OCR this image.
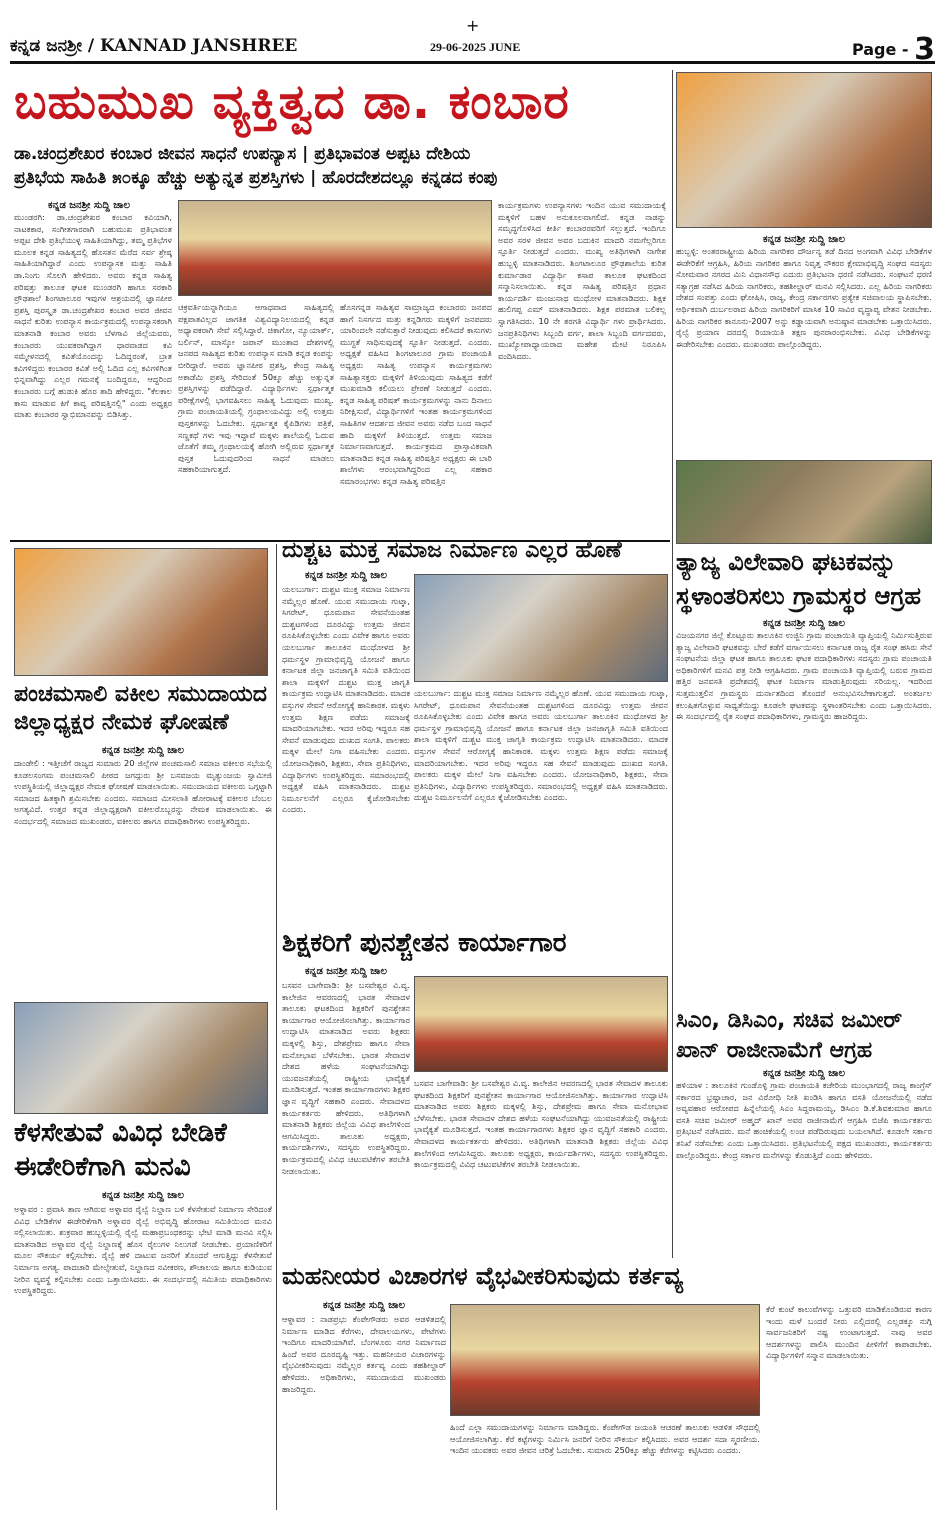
ಕನ್ನಡ ಜನಶ್ರೀ / KANNAD JANSHREE
+
29-06-2025 JUNE	Page - 3
ಬಹುಮುಖ ವ್ಯಕ್ತಿತ್ವದ ಡಾ. ಕಂಬಾರ
ಡಾ.ಚಂದ್ರಶೇಖರ ಕಂಬಾರ ಜೀವನ ಸಾಧನೆ ಉಪನ್ಯಾಸ | ಪ್ರತಿಭಾವಂತ ಅಪ್ಪಟ ದೇಶಿಯ
ಪ್ರತಿಭೆಯ ಸಾಹಿತಿ ೫೦ಕ್ಕೂ ಹೆಚ್ಚು ಅತ್ಯುನ್ನತ ಪ್ರಶಸ್ತಿಗಳು | ಹೊರದೇಶದಲ್ಲೂ ಕನ್ನಡದ ಕಂಪು
ಕನ್ನಡ ಜನಶ್ರೀ ಸುದ್ದಿ ಜಾಲ
ಮುಂಡರಗಿ: ಡಾ.ಚಂದ್ರಶೇಖರ ಕಂಬಾರ ಕವಿಯಾಗಿ, ನಾಟಕಕಾರ, ಸಂಗೀತಗಾರರಾಗಿ ಬಹುಮುಖ ಪ್ರತಿಭಾವಂತ ಅಪ್ಪಟ ದೇಶಿ ಪ್ರತಿಭೆಯುಳ್ಳ ಸಾಹಿತಿಯಾಗಿದ್ದು, ತಮ್ಮ ಪ್ರತಿಭೆಗಳ ಮೂಲಕ ಕನ್ನಡ ಸಾಹಿತ್ಯದಲ್ಲಿ ಹೊಸತನ ಮೆರೆದ ಸರ್ವ ಶ್ರೇಷ್ಠ ಸಾಹಿತಿಯಾಗಿದ್ದಾರೆ ಎಂದು ಉಪನ್ಯಾಸಕ ಮತ್ತು ಸಾಹಿತಿ ಡಾ.ನಿಂಗು ಸೊಲಗಿ ಹೇಳಿದರು. ಅವರು ಕನ್ನಡ ಸಾಹಿತ್ಯ ಪರಿಷತ್ತು ತಾಲೂಕ ಘಟಕ ಮುಂಡರಗಿ ಹಾಗೂ ಸರಕಾರಿ ಪ್ರೌಢಶಾಲೆ ಶಿಂಗಟಾಲೂರ ಇವುಗಳ ಆಶ್ರಯದಲ್ಲಿ ಜ್ಞಾನಪೀಠ ಪ್ರಶಸ್ತಿ ಪುರಸ್ಕೃತ ಡಾ.ಚಂದ್ರಶೇಖರ ಕಂಬಾರ ಅವರ ಜೀವನ ಸಾಧನೆ ಕುರಿತು ಉಪನ್ಯಾಸ ಕಾರ್ಯಕ್ರಮದಲ್ಲಿ ಉಪನ್ಯಾಸಕರಾಗಿ ಮಾತನಾಡಿ ಕಂಬಾರ ಅವರು ಬೆಳಗಾವಿ ಜಿಲ್ಲೆಯವರು, ಕಂಬಾರರು ಯುವಕರಾಗಿದ್ದಾಗ ಧಾರವಾಡದ ಕವಿ ಸಮ್ಮೇಳನದಲ್ಲಿ ಕವಿತೆಯೊಂದನ್ನು ಓದಿದ್ದರಂತೆ, ಬ್ರಾತ ಕವಿಗಳಿದ್ದರು ಕಂಬಾರರ ಕವಿತೆ ಅಲ್ಲಿ ಓದಿದ ಎಲ್ಲ ಕವಿಗಳಿಗಿಂತ ಭಿನ್ನವಾಗಿದ್ದು ಎಲ್ಲರ ಗಮನಕ್ಕೆ ಬಂದಿದ್ದರೂ, ಆದ್ದರಿಂದ ಕಂಬಾರರು ಬಗ್ಗೆ ಹುಡುಕಿ ಹೊರ ತಾದಿ ಹೇಳಿದ್ದರು. "ಕೆಲಕಾಲ ಕಾಸು ಮಾಡುವ ಕಿಗೆ ಕಾವ್ಯ ಪರಿಷತ್ತಿನಲ್ಲಿ" ಎಂದು ಅಧ್ಯಕ್ಷರ ಮಾತು ಕಂಬಾರರ ಸ್ವಾಭಿಮಾನವನ್ನು ಬಿಡಿಸಿತ್ತು.
ಚಕ್ರವರ್ತಿಯನ್ನಾಗಿಯೂ ಆಗಾಧವಾದ ಸಾಹಿತ್ಯದಲ್ಲಿ ಪಕ್ಷಪಾತವಿಲ್ಲದ ಜಾಗತಿಕ ವಿಶ್ವವಿದ್ಯಾನಿಲಯದಲ್ಲಿ ಕನ್ನಡ ಅಧ್ಯಾಪಕರಾಗಿ ಸೇವೆ ಸಲ್ಲಿಸಿದ್ದಾರೆ. ಚಿಕಾಗೋ, ನ್ಯೂಯಾರ್ಕ್, ಬರ್ಲಿನ್, ಮಾಸ್ಕೋ ಜಪಾನ್ ಮುಂತಾದ ದೇಶಗಳಲ್ಲಿ ಜನಪದ ಸಾಹಿತ್ಯದ ಕುರಿತು ಉಪನ್ಯಾಸ ಮಾಡಿ ಕನ್ನಡ ಕಂಪನ್ನು ಬೀರಿದ್ದಾರೆ. ಅವರು ಜ್ಞಾನಪೀಠ ಪ್ರಶಸ್ತಿ, ಕೇಂದ್ರ ಸಾಹಿತ್ಯ ಅಕಾಡೆಮಿ ಪ್ರಶಸ್ತಿ ಸೇರಿದಂತೆ 50ಕ್ಕೂ ಹೆಚ್ಚು ಅತ್ಯುನ್ನತ ಪ್ರಶಸ್ತಿಗಳನ್ನು ಪಡೆದಿದ್ದಾರೆ. ವಿದ್ಯಾರ್ಥಿಗಳು ಸ್ಪರ್ಧಾತ್ಮಕ ಪರೀಕ್ಷೆಗಳಲ್ಲಿ ಭಾಗವಹಿಸಲು ಸಾಹಿತ್ಯ ಓದುವುದು ಮುಖ್ಯ. ಗ್ರಾಮ ಪಂಚಾಯತಿಯಲ್ಲಿ ಗ್ರಂಥಾಲಯವಿದ್ದು ಅಲ್ಲಿ ಉತ್ತಮ ಪುಸ್ತಕಗಳನ್ನು ಓದಬೇಕು. ಸ್ಪರ್ಧಾತ್ಮಕ ಕೈಪಿಡಿಗಳು ಪತ್ರಿಕೆ, ಸಣ್ಣಕಥೆ ಗಳು ಇವು ಇದ್ದಾವೆ ಮಕ್ಕಳು ಶಾಲೆಯಲ್ಲಿ ಓದುವ ಜೊತೆಗೆ ತಮ್ಮ ಗ್ರಂಥಾಲಯಕ್ಕೆ ಹೋಗಿ ಅಲ್ಲಿರುವ ಸ್ಪರ್ಧಾತ್ಮಕ ಪುಸ್ತಕ ಓದುವುದರಿಂದ ಸಾಧನೆ ಮಾಡಲು ಸಹಕಾರಿಯಾಗುತ್ತದೆ.
ಹೊಸಗನ್ನಡ ಸಾಹಿತ್ಯವ ಸಾಮ್ರಾಜ್ಯದ ಕಂಬಾರರು ಜನಪದ ಹಾಗೆ ನಿಸರ್ಗದ ಮತ್ತು ಕನ್ನಡಿಗರು ಮಕ್ಕಳಿಗೆ ಜನಪದರು ಯಾರಿಂದಲೇ ನಡೆಸುತ್ತಾರೆ ನೀಡುವುದು ಕಲಿಸಿದರೆ ಕಾಸುಗಳು ಮುಗ್ಧತೆ ಸಾಧಿಸುವುದಕ್ಕೆ ಸ್ಫೂರ್ತಿ ನೀಡುತ್ತದೆ. ಎಂದರು. ಅಧ್ಯಕ್ಷತೆ ವಹಿಸಿದ ಶಿಂಗಟಾಲೂರ ಗ್ರಾಮ ಪಂಚಾಯತಿ ಅಧ್ಯಕ್ಷರು ಸಾಹಿತ್ಯ ಉಪನ್ಯಾಸ ಕಾರ್ಯಕ್ರಮಗಳು ಸಾಹಿತ್ಯಾಸಕ್ತರು ಮಕ್ಕಳಿಗೆ ತಿಳಿಯುವುದು ಸಾಹಿತ್ಯದ ಕಡೆಗೆ ಮುಖಮಾಡಿ ಕಲಿಯಲು ಪ್ರೇರಣೆ ನೀಡುತ್ತದೆ ಎಂದರು. ಕನ್ನಡ ಸಾಹಿತ್ಯ ಪರಿಷತ್ ಕಾರ್ಯಕ್ರಮಗಳನ್ನು ನಾನು ದಿನಾಲು ನಿರೀಕ್ಷಿಸುವೆ, ವಿದ್ಯಾರ್ಥಿಗಳಿಗೆ ಇಂತಹ ಕಾರ್ಯಕ್ರಮಗಳಿಂದ ಸಾಹಿತಿಗಳ ಆದರ್ಶದ ಜೀವನ ಅವರು ನಡೆದ ಬಂದ ಸಾಧನೆ ಹಾದಿ ಮಕ್ಕಳಿಗೆ ತಿಳಿಯುತ್ತದೆ. ಉತ್ತಮ ಸಮಾಜ ನಿರ್ಮಾಣವಾಗುತ್ತದೆ. ಕಾರ್ಯಕ್ರಮದ ಪ್ರಾಸ್ತಾವಿಕವಾಗಿ ಮಾತನಾಡಿದ ಕನ್ನಡ ಸಾಹಿತ್ಯ ಪರಿಷತ್ತಿನ ಅಧ್ಯಕ್ಷರು ಈ ಬಾರಿ ಶಾಲೆಗಳು ಆರಂಭವಾಗಿದ್ದರಿಂದ ಎಲ್ಲ ಸಹಕಾರ ಸಮಾರಂಭಗಳು ಕನ್ನಡ ಸಾಹಿತ್ಯ ಪರಿಷತ್ತಿನ
ಕಾರ್ಯಕ್ರಮಗಳು ಉಪನ್ಯಾಸಗಳು ಇಂದಿನ ಯುವ ಸಮುದಾಯಕ್ಕೆ ಮಕ್ಕಳಿಗೆ ಬಹಳ ಅನುಕೂಲವಾಗಲಿದೆ. ಕನ್ನಡ ನಾಡನ್ನು ಸಮೃದ್ಧಗೊಳಿಸಿದ ಕೀರ್ತಿ ಕಂಬಾರರವರಿಗೆ ಸಲ್ಲುತ್ತದೆ. ಇಂದಿಗೂ ಅವರ ಸರಳ ಜೀವನ ಅವರ ಬದುಕಿನ ಮಾದರಿ ನಮಗೆಲ್ಲರಿಗೂ ಸ್ಫೂರ್ತಿ ನೀಡುತ್ತದೆ ಎಂದರು. ಮುಖ್ಯ ಅತಿಥಿಗಳಾಗಿ ನಾಗೇಶ ಹುಬ್ಬಳ್ಳಿ ಮಾತನಾಡಿದರು. ಶಿಂಗಟಾಲೂರ ಪ್ರೌಢಶಾಲೆಯ ಕುರಿತ ಕುರ್ಮಾಡಾರ ವಿದ್ಯಾರ್ಥಿ ಕಸಾಪ ತಾಲೂಕ ಘಟಕದಿಂದ ಸನ್ಮಾನಿಸಲಾಯಿತು. ಕನ್ನಡ ಸಾಹಿತ್ಯ ಪರಿಷತ್ತಿನ ಪ್ರಧಾನ ಕಾರ್ಯದರ್ಶಿ ಮಂಜುನಾಥ ಮುಧೋಳ ಮಾತನಾಡಿದರು. ಶಿಕ್ಷಕ ಹುಲಿಗಪ್ಪ ಎಮ್ ಮಾತನಾಡಿದರು. ಶಿಕ್ಷಕ ಪರಮಾತ ಬಲಿಕಲ್ಲ ಸ್ವಾಗತಿಸಿದರು. 10 ನೇ ತರಗತಿ ವಿದ್ಯಾರ್ಥಿ ಗಳು ಪ್ರಾರ್ಥಿಸಿದರು. ಜನಪ್ರತಿನಿಧಿಗಳು ಸಿಬ್ಬಂದಿ ವರ್ಗ, ಶಾಲಾ ಸಿಬ್ಬಂದಿ ವರ್ಗದವರು, ಮುಖ್ಯೋಪಾಧ್ಯಾಯರಾದ ಮಹೇಶ ಮೇಟಿ ನಿರೂಪಿಸಿ ವಂದಿಸಿದರು.
ಕನ್ನಡ ಜನಶ್ರೀ ಸುದ್ದಿ ಜಾಲ
ಹುಬ್ಬಳ್ಳಿ: ಅಂತರರಾಷ್ಟ್ರೀಯ ಹಿರಿಯ ನಾಗರಿಕರ ದೌರ್ಜನ್ಯ ತಡೆ ದಿನದ ಅಂಗವಾಗಿ ವಿವಿಧ ಬೇಡಿಕೆಗಳ ಈಡೇರಿಕೆಗೆ ಆಗ್ರಹಿಸಿ, ಹಿರಿಯ ನಾಗರಿಕರ ಹಾಗೂ ನಿವೃತ್ತ ನೌಕರರ ಕ್ಷೇಮಾಭಿವೃದ್ಧಿ ಸಂಘದ ಸದಸ್ಯರು ಸೋಮವಾರ ನಗರದ ಮಿನಿ ವಿಧಾನಸೌಧ ಎದುರು ಪ್ರತಿಭಟನಾ ಧರಣಿ ನಡೆಸಿದರು. ಸಂಘಟನೆ ಧರಣಿ ಸತ್ಯಾಗ್ರಹ ನಡೆಸಿದ ಹಿರಿಯ ನಾಗರಿಕರು, ತಹಶೀಲ್ದಾರ್ ಮನವಿ ಸಲ್ಲಿಸಿದರು. ಎಲ್ಲ ಹಿರಿಯ ನಾಗರಿಕರು ದೇಶದ ಸಂಪತ್ತು ಎಂದು ಘೋಷಿಸಿ, ರಾಜ್ಯ, ಕೇಂದ್ರ ಸರ್ಕಾರಗಳು ಪ್ರತ್ಯೇಕ ಸಚಿವಾಲಯ ಸ್ಥಾಪಿಸಬೇಕು. ಆರ್ಥಿಕವಾಗಿ ದುರ್ಬಲರಾದ ಹಿರಿಯ ನಾಗರಿಕರಿಗೆ ಮಾಸಿಕ 10 ಸಾವಿರ ವೃದ್ಧಾಪ್ಯ ವೇತನ ನೀಡಬೇಕು. ಹಿರಿಯ ನಾಗರಿಕರ ಕಾನೂನು-2007 ಅನ್ನು ಕಡ್ಡಾಯವಾಗಿ ಅನುಷ್ಠಾನ ಮಾಡಬೇಕು ಒತ್ತಾಯಿಸಿದರು. ರೈಲ್ವೆ ಪ್ರಯಾಣ ದರದಲ್ಲಿ ರಿಯಾಯಿತಿ ತಕ್ಷಣ ಪುನರಾರಂಭಿಸಬೇಕು. ವಿವಿಧ ಬೇಡಿಕೆಗಳನ್ನು ಈಡೇರಿಸಬೇಕು ಎಂದರು. ಮುಖಂಡರು ಪಾಲ್ಗೊಂಡಿದ್ದರು.
ತ್ಯಾಜ್ಯ ವಿಲೇವಾರಿ ಘಟಕವನ್ನು
ಸ್ಥಳಾಂತರಿಸಲು ಗ್ರಾಮಸ್ಥರ ಆಗ್ರಹ
ಕನ್ನಡ ಜನಶ್ರೀ ಸುದ್ದಿ ಜಾಲ
ವಿಜಯನಗರ ಜಿಲ್ಲೆ ಕೊಟ್ಟೂರು ತಾಲೂಕಿನ ಉಜ್ಜಿನಿ ಗ್ರಾಮ ಪಂಚಾಯಿತಿ ವ್ಯಾಪ್ತಿಯಲ್ಲಿ ನಿರ್ಮಿಸುತ್ತಿರುವ ತ್ಯಾಜ್ಯ ವಿಲೇವಾರಿ ಘಟಕವನ್ನು ಬೇರೆ ಕಡೆಗೆ ವರ್ಗಾಯಿಸಲು ಕರ್ನಾಟಕ ರಾಜ್ಯ ರೈತ ಸಂಘ ಹಸಿರು ಸೇನೆ ಸಂಘಟನೆಯ ಜಿಲ್ಲಾ ಘಟಕ ಹಾಗೂ ತಾಲೂಕು ಘಟಕ ಪದಾಧಿಕಾರಿಗಳು ಸದಸ್ಯರು ಗ್ರಾಮ ಪಂಚಾಯತಿ ಅಧಿಕಾರಿಗಳಿಗೆ ಮನವಿ ಪತ್ರ ನೀಡಿ ಆಗ್ರಹಿಸಿದರು. ಗ್ರಾಮ ಪಂಚಾಯತಿ ವ್ಯಾಪ್ತಿಯಲ್ಲಿ ಬರುವ ಗ್ರಾಮದ ಹತ್ತಿರ ಜನವಸತಿ ಪ್ರದೇಶದಲ್ಲಿ ಘಟಕ ನಿರ್ಮಾಣ ಮಾಡುತ್ತಿರುವುದು ಸರಿಯಲ್ಲ. ಇದರಿಂದ ಸುತ್ತಮುತ್ತಲಿನ ಗ್ರಾಮಸ್ಥರು ದುರ್ನಾತದಿಂದ ತೊಂದರೆ ಅನುಭವಿಸಬೇಕಾಗುತ್ತದೆ. ಅಂತರ್ಜಲ ಕಲುಷಿತಗೊಳ್ಳುವ ಸಾಧ್ಯತೆಯಿದ್ದು ಕೂಡಲೇ ಘಟಕವನ್ನು ಸ್ಥಳಾಂತರಿಸಬೇಕು ಎಂದು ಒತ್ತಾಯಿಸಿದರು. ಈ ಸಂದರ್ಭದಲ್ಲಿ ರೈತ ಸಂಘದ ಪದಾಧಿಕಾರಿಗಳು, ಗ್ರಾಮಸ್ಥರು ಹಾಜರಿದ್ದರು.
ಪಂಚಮಸಾಲಿ ವಕೀಲ ಸಮುದಾಯದ
ಜಿಲ್ಲಾಧ್ಯಕ್ಷರ ನೇಮಕ ಘೋಷಣೆ
ಕನ್ನಡ ಜನಶ್ರೀ ಸುದ್ದಿ ಜಾಲ
ದಾಂಡೇಲಿ : ಇತ್ತೀಚೆಗೆ ರಾಜ್ಯದ ಸುಮಾರು 20 ಜಿಲ್ಲೆಗಳ ಪಂಚಮಸಾಲಿ ಸಮಾಜ ವಕೀಲರ ಸಭೆಯಲ್ಲಿ ಕೂಡಲಸಂಗಮ ಪಂಚಮಸಾಲಿ ಪೀಠದ ಜಗದ್ಗುರು ಶ್ರೀ ಬಸವಜಯ ಮೃತ್ಯುಂಜಯ ಸ್ವಾಮೀಜಿ ಉಪಸ್ಥಿತಿಯಲ್ಲಿ ಜಿಲ್ಲಾಧ್ಯಕ್ಷರ ನೇಮಕ ಘೋಷಣೆ ಮಾಡಲಾಯಿತು. ಸಮುದಾಯದ ವಕೀಲರು ಒಗ್ಗಟ್ಟಾಗಿ ಸಮಾಜದ ಹಿತಕ್ಕಾಗಿ ಶ್ರಮಿಸಬೇಕು ಎಂದರು. ಸಮಾಜದ ಮೀಸಲಾತಿ ಹೋರಾಟಕ್ಕೆ ವಕೀಲರ ಬೆಂಬಲ ಅಗತ್ಯವಿದೆ. ಉತ್ತರ ಕನ್ನಡ ಜಿಲ್ಲಾಧ್ಯಕ್ಷರಾಗಿ ವಕೀಲರೊಬ್ಬರನ್ನು ನೇಮಕ ಮಾಡಲಾಯಿತು. ಈ ಸಂದರ್ಭದಲ್ಲಿ ಸಮಾಜದ ಮುಖಂಡರು, ವಕೀಲರು ಹಾಗೂ ಪದಾಧಿಕಾರಿಗಳು ಉಪಸ್ಥಿತರಿದ್ದರು.
ದುಶ್ಚಟ ಮುಕ್ತ ಸಮಾಜ ನಿರ್ಮಾಣ ಎಲ್ಲರ ಹೊಣೆ
ಕನ್ನಡ ಜನಶ್ರೀ ಸುದ್ದಿ ಜಾಲ
ಯಲಬುರ್ಗಾ: ದುಶ್ಚಟ ಮುಕ್ತ ಸಮಾಜ ನಿರ್ಮಾಣ ನಮ್ಮೆಲ್ಲರ ಹೊಣೆ. ಯುವ ಸಮುದಾಯ ಗುಟ್ಕಾ, ಸಿಗರೇಟ್, ಧೂಮಪಾನ ಸೇವನೆಯಂತಹ ದುಶ್ಚಟಗಳಿಂದ ದೂರವಿದ್ದು ಉತ್ತಮ ಜೀವನ ರೂಪಿಸಿಕೊಳ್ಳಬೇಕು ಎಂದು ವಿವೇಕ ಹಾಗೂ ಅವರು ಯಲಬುರ್ಗಾ ತಾಲೂಕಿನ ಮುಧೋಳದ ಶ್ರೀ ಧರ್ಮಸ್ಥಳ ಗ್ರಾಮಾಭಿವೃದ್ಧಿ ಯೋಜನೆ ಹಾಗೂ ಕರ್ನಾಟಕ ಜಿಲ್ಲಾ ಜನಜಾಗೃತಿ ಸಮಿತಿ ವತಿಯಿಂದ ಶಾಲಾ ಮಕ್ಕಳಿಗೆ ದುಶ್ಚಟ ಮುಕ್ತ ಜಾಗೃತಿ ಕಾರ್ಯಕ್ರಮ ಉದ್ಘಾಟಿಸಿ ಮಾತನಾಡಿದರು. ಮಾದಕ ವಸ್ತುಗಳ ಸೇವನೆ ಆರೋಗ್ಯಕ್ಕೆ ಹಾನಿಕಾರಕ. ಮಕ್ಕಳು ಉತ್ತಮ ಶಿಕ್ಷಣ ಪಡೆದು ಸಮಾಜಕ್ಕೆ ಮಾದರಿಯಾಗಬೇಕು. ಇದರ ಅರಿವು ಇದ್ದರೂ ಸಹ ಸೇವನೆ ಮಾಡುವುದು ದುಃಖದ ಸಂಗತಿ. ಪಾಲಕರು ಮಕ್ಕಳ ಮೇಲೆ ನಿಗಾ ವಹಿಸಬೇಕು ಎಂದರು. ಯೋಜನಾಧಿಕಾರಿ, ಶಿಕ್ಷಕರು, ಸೇವಾ ಪ್ರತಿನಿಧಿಗಳು, ವಿದ್ಯಾರ್ಥಿಗಳು ಉಪಸ್ಥಿತರಿದ್ದರು. ಸಮಾರಂಭದಲ್ಲಿ ಅಧ್ಯಕ್ಷತೆ ವಹಿಸಿ ಮಾತನಾಡಿದರು. ದುಶ್ಚಟ ನಿರ್ಮೂಲನೆಗೆ ಎಲ್ಲರೂ ಕೈಜೋಡಿಸಬೇಕು ಎಂದರು.
ಯಲಬುರ್ಗಾ: ದುಶ್ಚಟ ಮುಕ್ತ ಸಮಾಜ ನಿರ್ಮಾಣ ನಮ್ಮೆಲ್ಲರ ಹೊಣೆ. ಯುವ ಸಮುದಾಯ ಗುಟ್ಕಾ, ಸಿಗರೇಟ್, ಧೂಮಪಾನ ಸೇವನೆಯಂತಹ ದುಶ್ಚಟಗಳಿಂದ ದೂರವಿದ್ದು ಉತ್ತಮ ಜೀವನ ರೂಪಿಸಿಕೊಳ್ಳಬೇಕು ಎಂದು ವಿವೇಕ ಹಾಗೂ ಅವರು ಯಲಬುರ್ಗಾ ತಾಲೂಕಿನ ಮುಧೋಳದ ಶ್ರೀ ಧರ್ಮಸ್ಥಳ ಗ್ರಾಮಾಭಿವೃದ್ಧಿ ಯೋಜನೆ ಹಾಗೂ ಕರ್ನಾಟಕ ಜಿಲ್ಲಾ ಜನಜಾಗೃತಿ ಸಮಿತಿ ವತಿಯಿಂದ ಶಾಲಾ ಮಕ್ಕಳಿಗೆ ದುಶ್ಚಟ ಮುಕ್ತ ಜಾಗೃತಿ ಕಾರ್ಯಕ್ರಮ ಉದ್ಘಾಟಿಸಿ ಮಾತನಾಡಿದರು. ಮಾದಕ ವಸ್ತುಗಳ ಸೇವನೆ ಆರೋಗ್ಯಕ್ಕೆ ಹಾನಿಕಾರಕ. ಮಕ್ಕಳು ಉತ್ತಮ ಶಿಕ್ಷಣ ಪಡೆದು ಸಮಾಜಕ್ಕೆ ಮಾದರಿಯಾಗಬೇಕು. ಇದರ ಅರಿವು ಇದ್ದರೂ ಸಹ ಸೇವನೆ ಮಾಡುವುದು ದುಃಖದ ಸಂಗತಿ. ಪಾಲಕರು ಮಕ್ಕಳ ಮೇಲೆ ನಿಗಾ ವಹಿಸಬೇಕು ಎಂದರು. ಯೋಜನಾಧಿಕಾರಿ, ಶಿಕ್ಷಕರು, ಸೇವಾ ಪ್ರತಿನಿಧಿಗಳು, ವಿದ್ಯಾರ್ಥಿಗಳು ಉಪಸ್ಥಿತರಿದ್ದರು. ಸಮಾರಂಭದಲ್ಲಿ ಅಧ್ಯಕ್ಷತೆ ವಹಿಸಿ ಮಾತನಾಡಿದರು. ದುಶ್ಚಟ ನಿರ್ಮೂಲನೆಗೆ ಎಲ್ಲರೂ ಕೈಜೋಡಿಸಬೇಕು ಎಂದರು.
ಶಿಕ್ಷಕರಿಗೆ ಪುನಶ್ಚೇತನ ಕಾರ್ಯಾಗಾರ
ಕನ್ನಡ ಜನಶ್ರೀ ಸುದ್ದಿ ಜಾಲ
ಬಸವನ ಬಾಗೇವಾಡಿ: ಶ್ರೀ ಬಸವೇಶ್ವರ ವಿ.ವ್ಯ. ಕಾಲೇಜಿನ ಆವರಣದಲ್ಲಿ ಭಾರತ ಸೇವಾದಳ ತಾಲೂಕು ಘಟಕದಿಂದ ಶಿಕ್ಷಕರಿಗೆ ಪುನಶ್ಚೇತನ ಕಾರ್ಯಾಗಾರ ಆಯೋಜಿಸಲಾಗಿತ್ತು. ಕಾರ್ಯಾಗಾರ ಉದ್ಘಾಟಿಸಿ ಮಾತನಾಡಿದ ಅವರು ಶಿಕ್ಷಕರು ಮಕ್ಕಳಲ್ಲಿ ಶಿಸ್ತು, ದೇಶಪ್ರೇಮ ಹಾಗೂ ಸೇವಾ ಮನೋಭಾವ ಬೆಳೆಸಬೇಕು. ಭಾರತ ಸೇವಾದಳ ದೇಶದ ಹಳೆಯ ಸಂಘಟನೆಯಾಗಿದ್ದು ಯುವಜನತೆಯಲ್ಲಿ ರಾಷ್ಟ್ರೀಯ ಭಾವೈಕ್ಯತೆ ಮೂಡಿಸುತ್ತದೆ. ಇಂತಹ ಕಾರ್ಯಾಗಾರಗಳು ಶಿಕ್ಷಕರ ಜ್ಞಾನ ವೃದ್ಧಿಗೆ ಸಹಕಾರಿ ಎಂದರು. ಸೇವಾದಳದ ಕಾರ್ಯಕರ್ತರು ಹೇಳಿದರು. ಅತಿಥಿಗಳಾಗಿ ಮಾತನಾಡಿ ಶಿಕ್ಷಕರು ಜಿಲ್ಲೆಯ ವಿವಿಧ ಶಾಲೆಗಳಿಂದ ಆಗಮಿಸಿದ್ದರು. ತಾಲೂಕು ಅಧ್ಯಕ್ಷರು, ಕಾರ್ಯದರ್ಶಿಗಳು, ಸದಸ್ಯರು ಉಪಸ್ಥಿತರಿದ್ದರು. ಕಾರ್ಯಕ್ರಮದಲ್ಲಿ ವಿವಿಧ ಚಟುವಟಿಕೆಗಳ ತರಬೇತಿ ನೀಡಲಾಯಿತು.
ಬಸವನ ಬಾಗೇವಾಡಿ: ಶ್ರೀ ಬಸವೇಶ್ವರ ವಿ.ವ್ಯ. ಕಾಲೇಜಿನ ಆವರಣದಲ್ಲಿ ಭಾರತ ಸೇವಾದಳ ತಾಲೂಕು ಘಟಕದಿಂದ ಶಿಕ್ಷಕರಿಗೆ ಪುನಶ್ಚೇತನ ಕಾರ್ಯಾಗಾರ ಆಯೋಜಿಸಲಾಗಿತ್ತು. ಕಾರ್ಯಾಗಾರ ಉದ್ಘಾಟಿಸಿ ಮಾತನಾಡಿದ ಅವರು ಶಿಕ್ಷಕರು ಮಕ್ಕಳಲ್ಲಿ ಶಿಸ್ತು, ದೇಶಪ್ರೇಮ ಹಾಗೂ ಸೇವಾ ಮನೋಭಾವ ಬೆಳೆಸಬೇಕು. ಭಾರತ ಸೇವಾದಳ ದೇಶದ ಹಳೆಯ ಸಂಘಟನೆಯಾಗಿದ್ದು ಯುವಜನತೆಯಲ್ಲಿ ರಾಷ್ಟ್ರೀಯ ಭಾವೈಕ್ಯತೆ ಮೂಡಿಸುತ್ತದೆ. ಇಂತಹ ಕಾರ್ಯಾಗಾರಗಳು ಶಿಕ್ಷಕರ ಜ್ಞಾನ ವೃದ್ಧಿಗೆ ಸಹಕಾರಿ ಎಂದರು. ಸೇವಾದಳದ ಕಾರ್ಯಕರ್ತರು ಹೇಳಿದರು. ಅತಿಥಿಗಳಾಗಿ ಮಾತನಾಡಿ ಶಿಕ್ಷಕರು ಜಿಲ್ಲೆಯ ವಿವಿಧ ಶಾಲೆಗಳಿಂದ ಆಗಮಿಸಿದ್ದರು. ತಾಲೂಕು ಅಧ್ಯಕ್ಷರು, ಕಾರ್ಯದರ್ಶಿಗಳು, ಸದಸ್ಯರು ಉಪಸ್ಥಿತರಿದ್ದರು. ಕಾರ್ಯಕ್ರಮದಲ್ಲಿ ವಿವಿಧ ಚಟುವಟಿಕೆಗಳ ತರಬೇತಿ ನೀಡಲಾಯಿತು.
ಕೆಳಸೇತುವೆ ವಿವಿಧ ಬೇಡಿಕೆ
ಈಡೇರಿಕೆಗಾಗಿ ಮನವಿ
ಕನ್ನಡ ಜನಶ್ರೀ ಸುದ್ದಿ ಜಾಲ
ಅಳ್ನಾವರ : ಪ್ರವಾಸಿ ತಾಣ ಆಗಿರುವ ಅಳ್ನಾವರ ರೈಲ್ವೆ ನಿಲ್ದಾಣ ಬಳಿ ಕೆಳಸೇತುವೆ ನಿರ್ಮಾಣ ಸೇರಿದಂತೆ ವಿವಿಧ ಬೇಡಿಕೆಗಳ ಈಡೇರಿಕೆಗಾಗಿ ಅಳ್ನಾವರ ರೈಲ್ವೆ ಅಭಿವೃದ್ಧಿ ಹೋರಾಟ ಸಮಿತಿಯಿಂದ ಮನವಿ ಸಲ್ಲಿಸಲಾಯಿತು. ಶುಕ್ರವಾರ ಹುಬ್ಬಳ್ಳಿಯಲ್ಲಿ ರೈಲ್ವೆ ಮಹಾಪ್ರಬಂಧಕರನ್ನು ಭೇಟಿ ಮಾಡಿ ಮನವಿ ಸಲ್ಲಿಸಿ ಮಾತನಾಡಿದ ಅಳ್ನಾವರ ರೈಲ್ವೆ ನಿಲ್ದಾಣಕ್ಕೆ ಹೊಸ ರೈಲುಗಳ ನಿಲುಗಡೆ ನೀಡಬೇಕು. ಪ್ರಯಾಣಿಕರಿಗೆ ಮೂಲ ಸೌಕರ್ಯ ಕಲ್ಪಿಸಬೇಕು. ರೈಲ್ವೆ ಹಳಿ ದಾಟುವ ಜನರಿಗೆ ತೊಂದರೆ ಆಗುತ್ತಿದ್ದು ಕೆಳಸೇತುವೆ ನಿರ್ಮಾಣ ಅಗತ್ಯ. ಪಾದಚಾರಿ ಮೇಲ್ಸೇತುವೆ, ನಿಲ್ದಾಣದ ನವೀಕರಣ, ಶೌಚಾಲಯ ಹಾಗೂ ಕುಡಿಯುವ ನೀರಿನ ವ್ಯವಸ್ಥೆ ಕಲ್ಪಿಸಬೇಕು ಎಂದು ಒತ್ತಾಯಿಸಿದರು. ಈ ಸಂದರ್ಭದಲ್ಲಿ ಸಮಿತಿಯ ಪದಾಧಿಕಾರಿಗಳು ಉಪಸ್ಥಿತರಿದ್ದರು.
ಸಿಎಂ, ಡಿಸಿಎಂ, ಸಚಿವ ಜಮೀರ್
ಖಾನ್ ರಾಜೀನಾಮೆಗೆ ಆಗ್ರಹ
ಕನ್ನಡ ಜನಶ್ರೀ ಸುದ್ದಿ ಜಾಲ
ಹಳಿಯಾಳ : ತಾಲೂಕಿನ ಗುಂಡೊಳ್ಳಿ ಗ್ರಾಮ ಪಂಚಾಯತಿ ಕಚೇರಿಯ ಮುಂಭಾಗದಲ್ಲಿ ರಾಜ್ಯ ಕಾಂಗ್ರೆಸ್ ಸರ್ಕಾರದ ಭ್ರಷ್ಟಾಚಾರ, ಜನ ವಿರೋಧಿ ನೀತಿ ಖಂಡಿಸಿ ಹಾಗೂ ವಸತಿ ಯೋಜನೆಯಲ್ಲಿ ನಡೆದ ಅವ್ಯವಹಾರ ಆರೋಪದ ಹಿನ್ನೆಲೆಯಲ್ಲಿ ಸಿಎಂ ಸಿದ್ದರಾಮಯ್ಯ, ಡಿಸಿಎಂ ಡಿ.ಕೆ.ಶಿವಕುಮಾರ ಹಾಗೂ ವಸತಿ ಸಚಿವ ಜಮೀರ್ ಅಹ್ಮದ್ ಖಾನ್ ಅವರ ರಾಜೀನಾಮೆಗೆ ಆಗ್ರಹಿಸಿ ಬಿಜೆಪಿ ಕಾರ್ಯಕರ್ತರು ಪ್ರತಿಭಟನೆ ನಡೆಸಿದರು. ಮನೆ ಹಂಚಿಕೆಯಲ್ಲಿ ಲಂಚ ಪಡೆದಿರುವುದು ಬಯಲಾಗಿದೆ. ಕೂಡಲೇ ಸರ್ಕಾರ ತನಿಖೆ ನಡೆಸಬೇಕು ಎಂದು ಒತ್ತಾಯಿಸಿದರು. ಪ್ರತಿಭಟನೆಯಲ್ಲಿ ಪಕ್ಷದ ಮುಖಂಡರು, ಕಾರ್ಯಕರ್ತರು ಪಾಲ್ಗೊಂಡಿದ್ದರು. ಕೇಂದ್ರ ಸರ್ಕಾರ ಮನೆಗಳನ್ನು ಕೊಡುತ್ತಿದೆ ಎಂದು ಹೇಳಿದರು.
ಮಹನೀಯರ ವಿಚಾರಗಳ ವೈಭವೀಕರಿಸುವುದು ಕರ್ತವ್ಯ
ಕನ್ನಡ ಜನಶ್ರೀ ಸುದ್ದಿ ಜಾಲ
ಆಳ್ನಾವರ : ನಾಡಪ್ರಭು ಕೆಂಪೇಗೌಡರು ಅವರ ಆಡಳಿತದಲ್ಲಿ ನಿರ್ಮಾಣ ಮಾಡಿದ ಕೆರೆಗಳು, ದೇವಾಲಯಗಳು, ಪೇಟೆಗಳು ಇಂದಿಗೂ ಮಾದರಿಯಾಗಿವೆ. ಬೆಂಗಳೂರು ನಗರ ನಿರ್ಮಾಣದ ಹಿಂದೆ ಅವರ ದೂರದೃಷ್ಟಿ ಇತ್ತು. ಮಹನೀಯರ ವಿಚಾರಗಳನ್ನು ವೈಭವೀಕರಿಸುವುದು ನಮ್ಮೆಲ್ಲರ ಕರ್ತವ್ಯ ಎಂದು ತಹಶೀಲ್ದಾರ್ ಹೇಳಿದರು. ಅಧಿಕಾರಿಗಳು, ಸಮುದಾಯದ ಮುಖಂಡರು ಹಾಜರಿದ್ದರು.
ಹಿಂದೆ ಎಲ್ಲಾ ಸಮುದಾಯಗಳನ್ನು ನಿರ್ಮಾಣ ಮಾಡಿದ್ದರು. ಕೆಂಪೇಗೌಡ ಜಯಂತಿ ಆಚರಣೆ ತಾಲೂಕು ಆಡಳಿತ ಸೌಧದಲ್ಲಿ ಆಯೋಜಿಸಲಾಗಿತ್ತು. ಕೆರೆ ಕಟ್ಟೆಗಳನ್ನು ನಿರ್ಮಿಸಿ ಜನರಿಗೆ ನೀರಿನ ಸೌಕರ್ಯ ಕಲ್ಪಿಸಿದರು. ಅವರ ಆದರ್ಶ ಸದಾ ಸ್ಮರಣೀಯ. ಇಂದಿನ ಯುವಕರು ಅವರ ಜೀವನ ಚರಿತ್ರೆ ಓದಬೇಕು. ಸುಮಾರು 250ಕ್ಕೂ ಹೆಚ್ಚು ಕೆರೆಗಳನ್ನು ಕಟ್ಟಿಸಿದರು ಎಂದರು.
ಕೆರೆ ಕುಂಟೆ ಕಾಲುವೆಗಳನ್ನು ಒತ್ತುವರಿ ಮಾಡಿಕೊಂಡಿರುವ ಕಾರಣ ಇಂದು ಮಳೆ ಬಂದರೆ ನೀರು ಎಲ್ಲಿದರಲ್ಲಿ ಎಲ್ಲಡಕ್ಕೂ ನುಗ್ಗಿ ಸಾರ್ವಜನಿಕರಿಗೆ ನಷ್ಟ ಉಂಟಾಗುತ್ತದೆ. ನಾವು ಅವರ ಆದರ್ಶಗಳನ್ನು ಪಾಲಿಸಿ ಮುಂದಿನ ಪೀಳಿಗೆಗೆ ಕಾಪಾಡಬೇಕು. ವಿದ್ಯಾರ್ಥಿಗಳಿಗೆ ಸನ್ಮಾನ ಮಾಡಲಾಯಿತು.
